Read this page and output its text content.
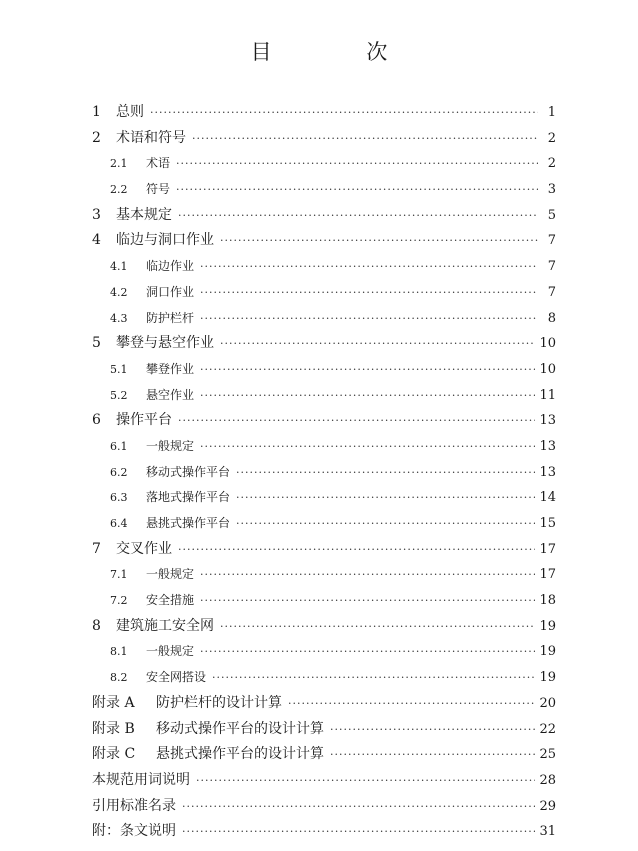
目 次
1	总则 ·····	1
2	术语和符号 ·····	2
2.1	术语 ·····	2
2.2	符号 ·····	3
3	基本规定 ·····	5
4	临边与洞口作业 ·····	7
4.1	临边作业 ·····	7
4.2	洞口作业 ·····	7
4.3	防护栏杆 ·····	8
5	攀登与悬空作业 ·····	10
5.1	攀登作业 ·····	10
5.2	悬空作业 ·····	11
6	操作平台 ·····	13
6.1	一般规定 ·····	13
6.2	移动式操作平台 ·····	13
6.3	落地式操作平台 ·····	14
6.4	悬挑式操作平台 ·····	15
7	交叉作业 ·····	17
7.1	一般规定 ·····	17
7.2	安全措施 ·····	18
8	建筑施工安全网 ·····	19
8.1	一般规定 ·····	19
8.2	安全网搭设 ·····	19
附录 A	防护栏杆的设计计算 ·····	20
附录 B	移动式操作平台的设计计算 ·····	22
附录 C	悬挑式操作平台的设计计算 ·····	25
本规范用词说明 ·····	28
引用标准名录 ·····	29
附：条文说明 ·····	31
